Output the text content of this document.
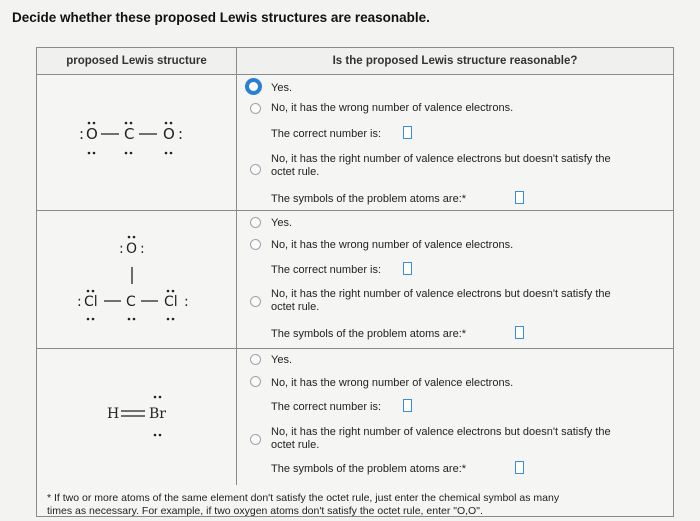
Decide whether these proposed Lewis structures are reasonable.
proposed Lewis structure	Is the proposed Lewis structure reasonable?
: O C O :
Yes.
No, it has the wrong number of valence electrons.
The correct number is:
No, it has the right number of valence electrons but doesn't satisfy the
octet rule.
The symbols of the problem atoms are:*
: O :
: Cl C Cl :
Yes.
No, it has the wrong number of valence electrons.
The correct number is:
No, it has the right number of valence electrons but doesn't satisfy the
octet rule.
The symbols of the problem atoms are:*
H Br
Yes.
No, it has the wrong number of valence electrons.
The correct number is:
No, it has the right number of valence electrons but doesn't satisfy the
octet rule.
The symbols of the problem atoms are:*
* If two or more atoms of the same element don't satisfy the octet rule, just enter the chemical symbol as many
times as necessary. For example, if two oxygen atoms don't satisfy the octet rule, enter "O,O".
